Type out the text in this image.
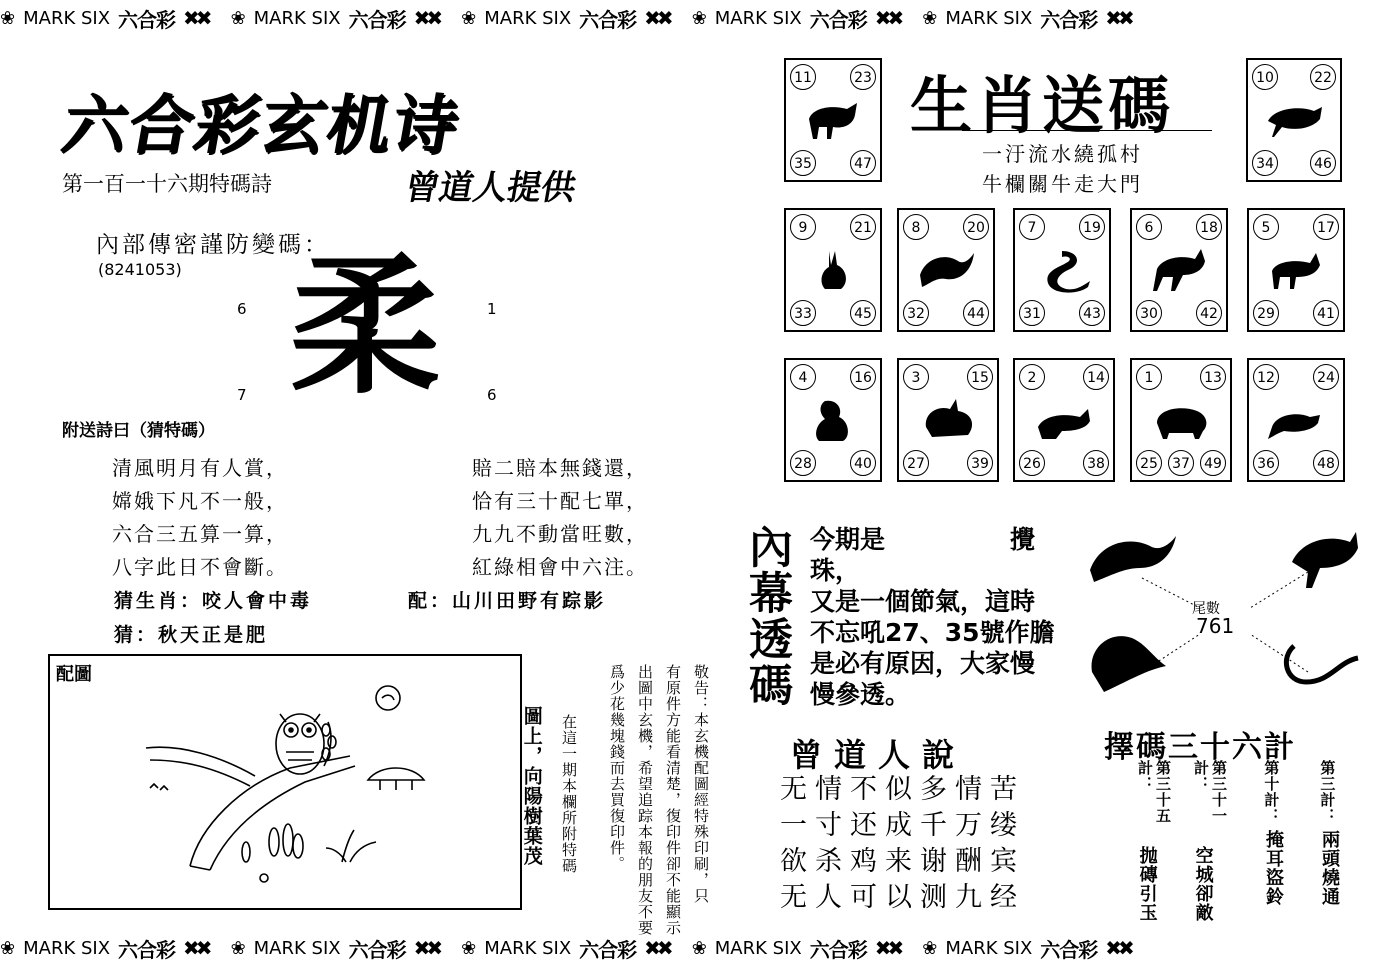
❀ MARK SIX 六合彩 ✖✖ ❀ MARK SIX 六合彩 ✖✖ ❀ MARK SIX 六合彩 ✖✖ ❀ MARK SIX 六合彩 ✖✖ ❀ MARK SIX 六合彩 ✖✖
❀ MARK SIX 六合彩 ✖✖ ❀ MARK SIX 六合彩 ✖✖ ❀ MARK SIX 六合彩 ✖✖ ❀ MARK SIX 六合彩 ✖✖ ❀ MARK SIX 六合彩 ✖✖
六合彩玄机诗
第一百一十六期特碼詩	曾道人提供
內部傳密謹防變碼：
(8241053)
6	1
7	6
柔
附送詩曰（猜特碼）
清風明月有人賞，
嫦娥下凡不一般，
六合三五算一算，
八字此日不會斷。
賠二賠本無錢還，
恰有三十配七單，
九九不動當旺數，
紅綠相會中六注。
猜生肖：咬人會中毒	配：山川田野有踪影
猜：秋天正是肥
配圖
圖上，向陽樹葉茂 在這一期本欄所附特碼 爲少花幾塊錢而去買復印件。 出圖中玄機，希望追踪本報的朋友不要 有原件方能看清楚，復印件卻不能顯示 敬告：本玄機配圖經特殊印刷，只
生肖送碼
一汙流水繞孤村
牛欄關牛走大門
11	23
35	47
10	22
34	46
9	21
33	45
8	20
32	44
7	19
31	43
6	18
30	42
5	17
29	41
4	16
28	40
3	15
27	39
2	14
26	38
1	13
25 37 49
12	24
36	48
內幕透碼 今期是　　　　　攪
珠，
又是一個節氣，這時
不忘吼27、35號作膽
是必有原因，大家慢
慢參透。
尾數
761
曾道人說
无情不似多情苦
一寸还成千万缕
欲杀鸡来谢酬宾
无人可以测九经
擇碼三十六計
第三計：
兩頭燒通
第十計：
掩耳盜鈴
第三十一計：
空城卻敵
第三十五計：
抛磚引玉
